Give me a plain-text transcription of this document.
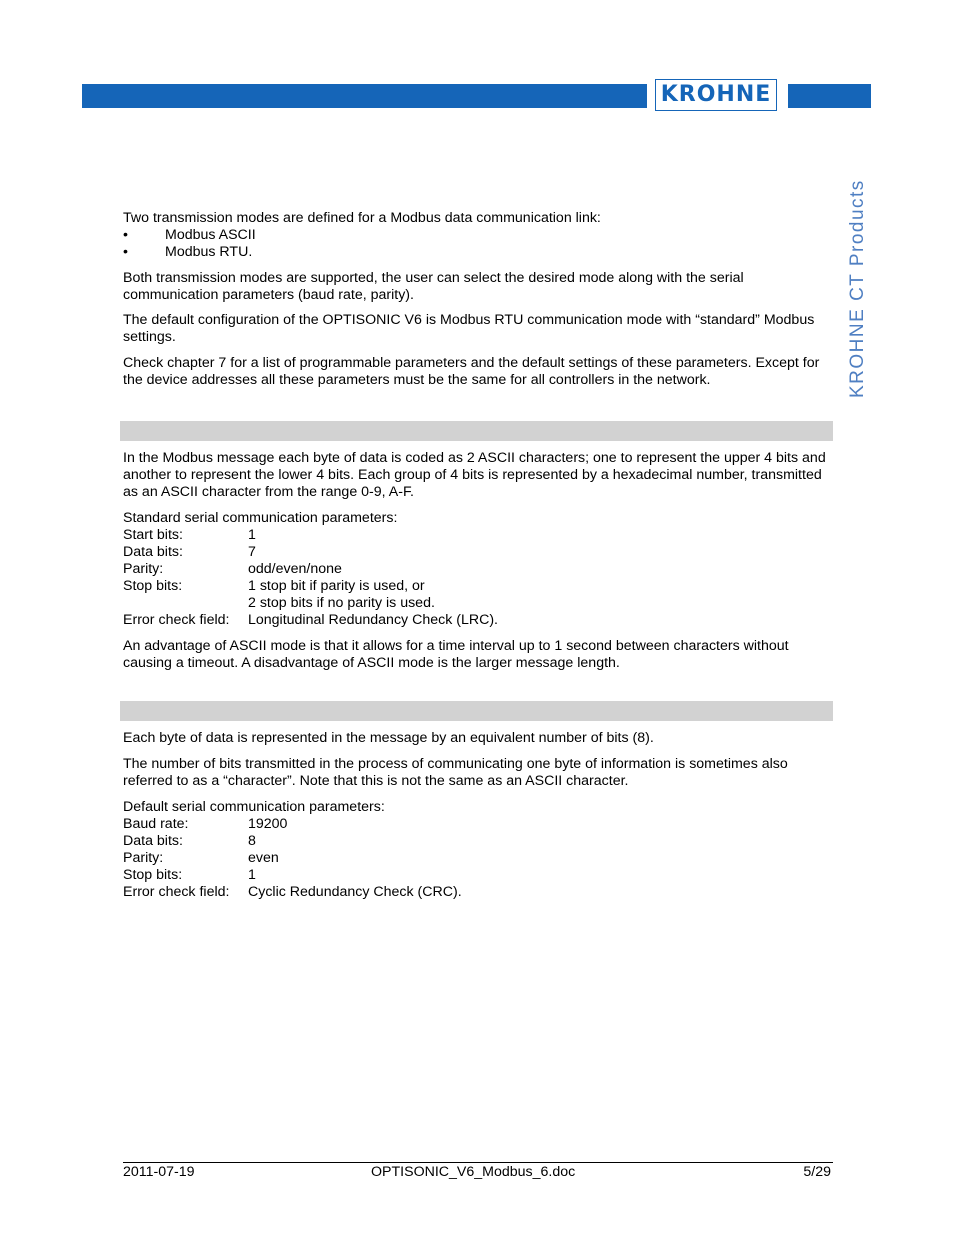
KROHNE
KROHNE CT Products

Two transmission modes are defined for a Modbus data communication link:

•	Modbus ASCII
•	Modbus RTU.

Both transmission modes are supported, the user can select the desired mode along with the serial communication parameters (baud rate, parity).

The default configuration of the OPTISONIC V6 is Modbus RTU communication mode with “standard” Modbus settings.

Check chapter 7 for a list of programmable parameters and the default settings of these parameters. Except for the device addresses all these parameters must be the same for all controllers in the network.

In the Modbus message each byte of data is coded as 2 ASCII characters; one to represent the upper 4 bits and another to represent the lower 4 bits. Each group of 4 bits is represented by a hexadecimal number, transmitted as an ASCII character from the range 0-9, A-F.

Standard serial communication parameters:

Start bits:	1
Data bits:	7
Parity:	odd/even/none
Stop bits:	1 stop bit if parity is used, or
2 stop bits if no parity is used.
Error check field:	Longitudinal Redundancy Check (LRC).

An advantage of ASCII mode is that it allows for a time interval up to 1 second between characters without causing a timeout. A disadvantage of ASCII mode is the larger message length.

Each byte of data is represented in the message by an equivalent number of bits (8).

The number of bits transmitted in the process of communicating one byte of information is sometimes also referred to as a “character”. Note that this is not the same as an ASCII character.

Default serial communication parameters:

Baud rate:	19200
Data bits:	8
Parity:	even
Stop bits:	1
Error check field:	Cyclic Redundancy Check (CRC).
2011-07-19	OPTISONIC_V6_Modbus_6.doc	5/29
